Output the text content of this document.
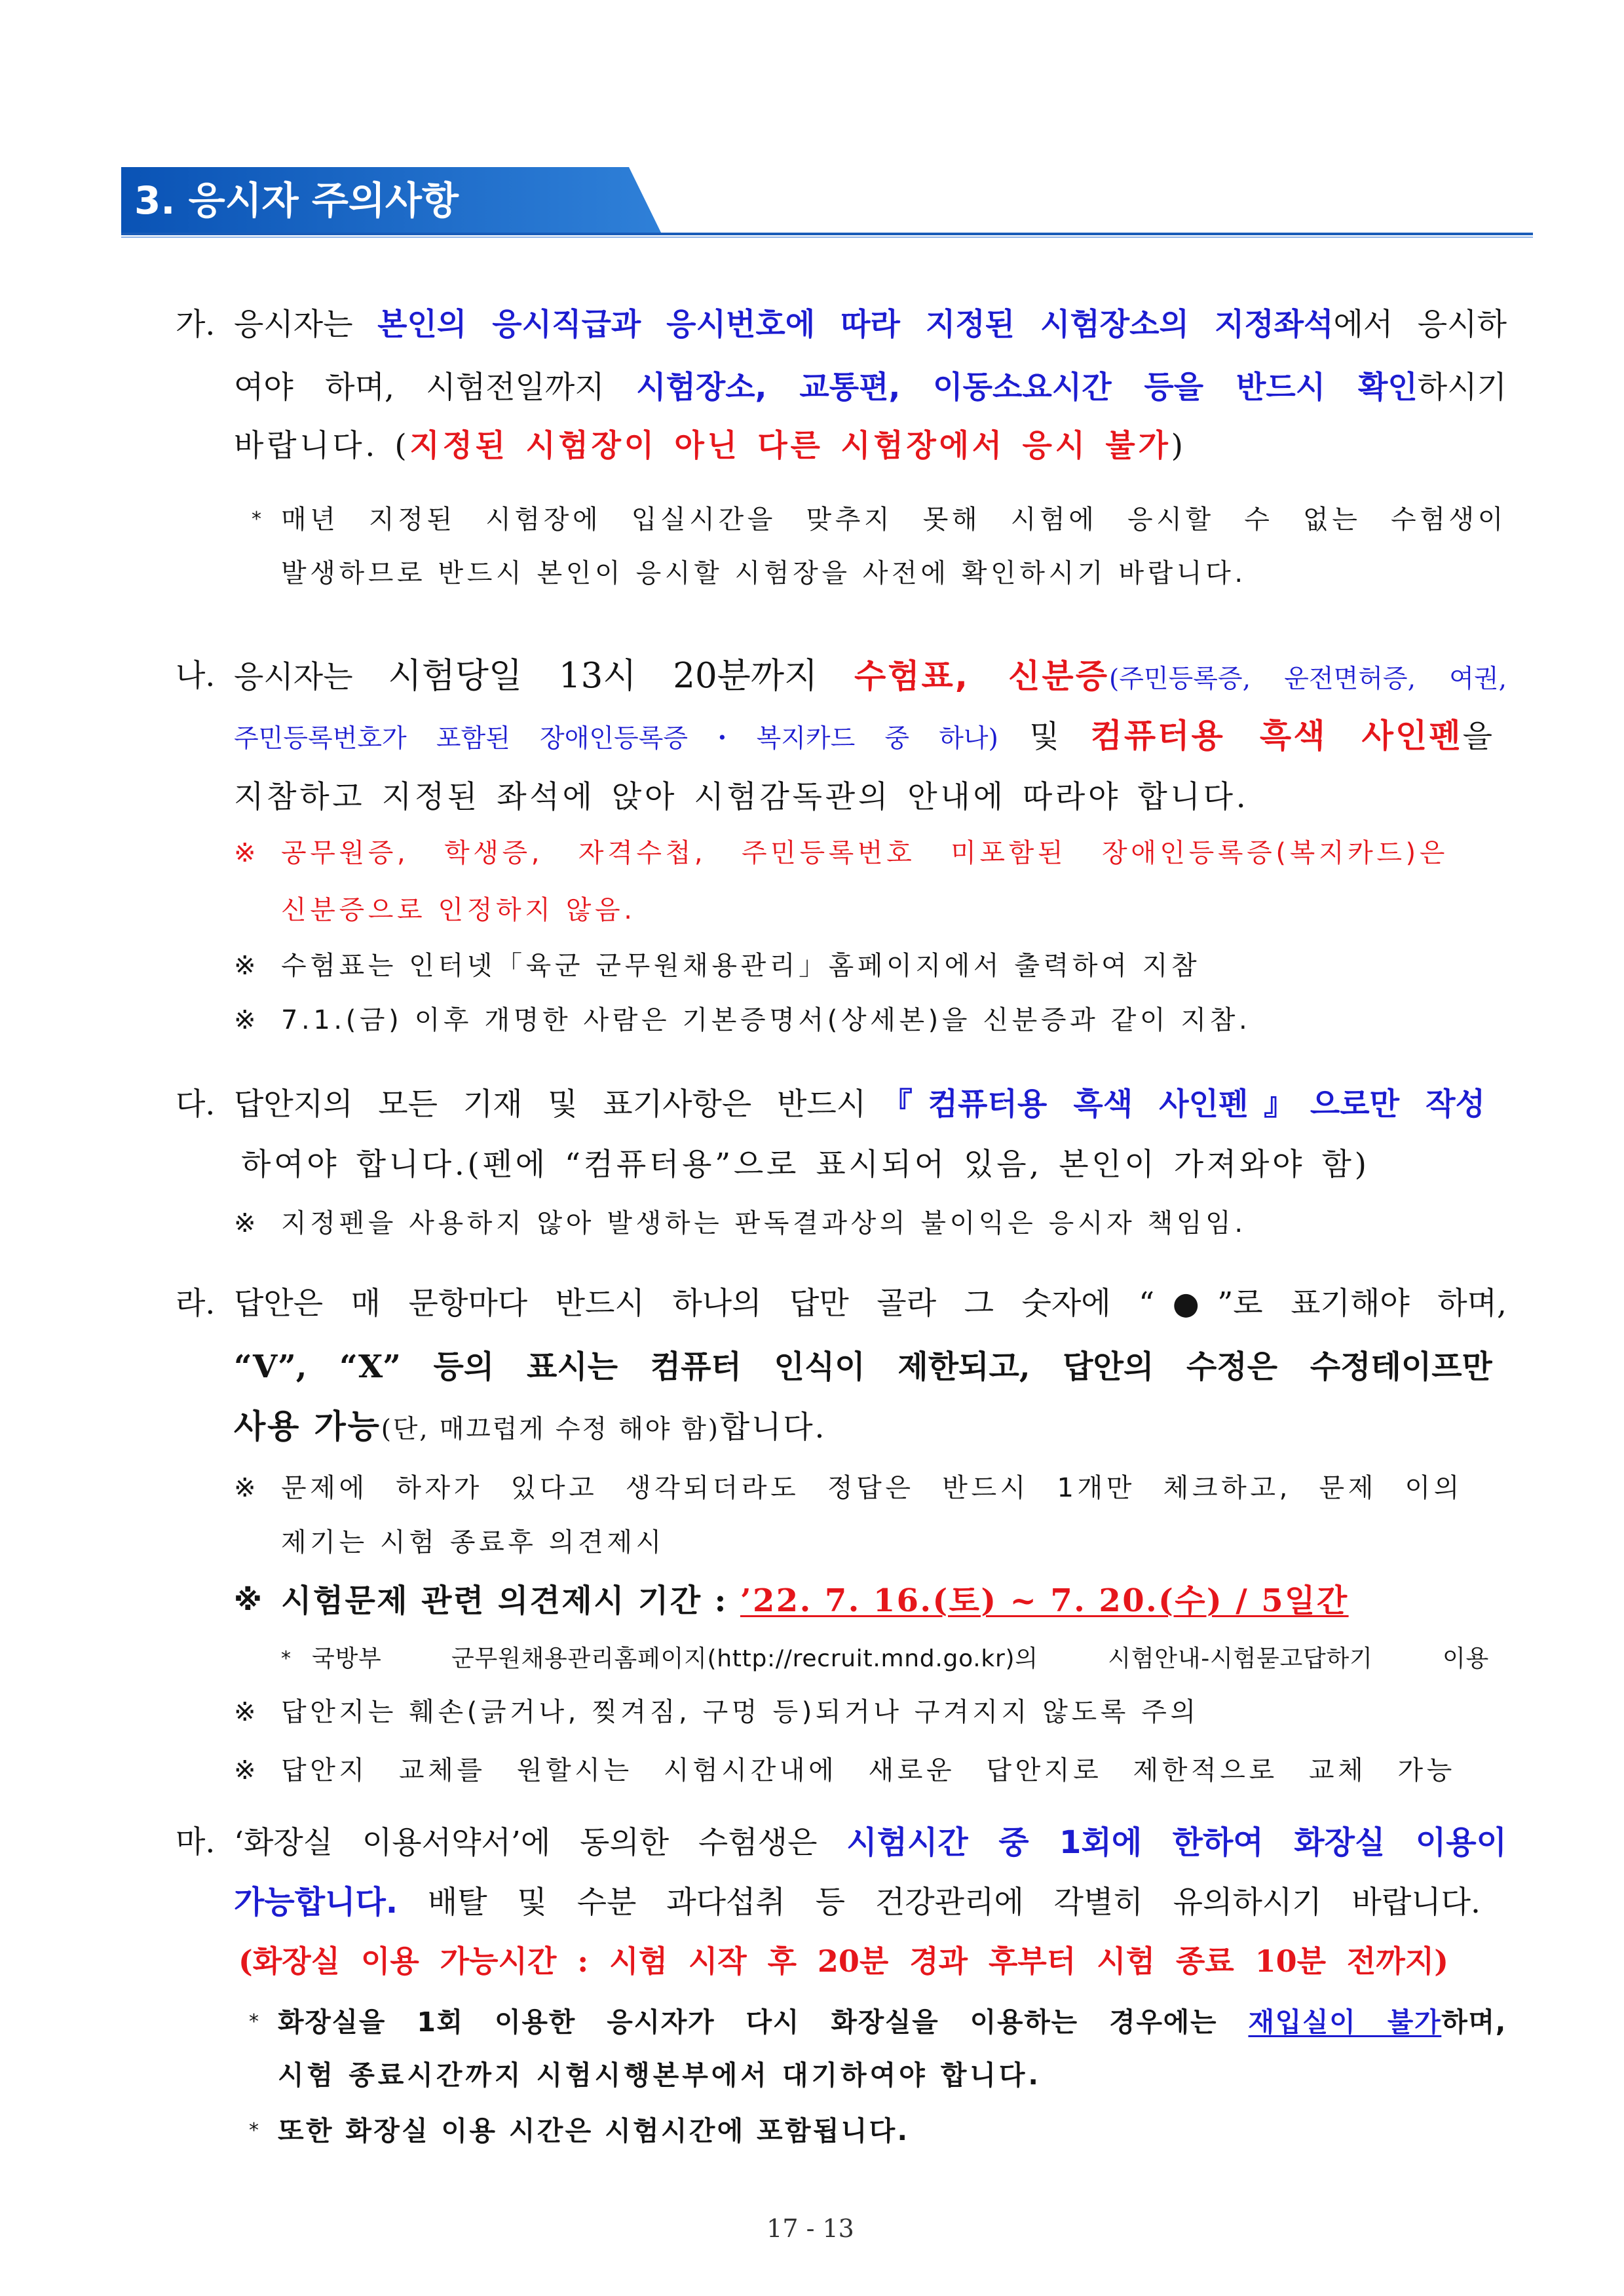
3. 응시자 주의사항
가. 응시자는 본인의 응시직급과 응시번호에 따라 지정된 시험장소의 지정좌석에서 응시하
여야 하며, 시험전일까지 시험장소, 교통편, 이동소요시간 등을 반드시 확인하시기
바랍니다. (지정된 시험장이 아닌 다른 시험장에서 응시 불가)
* 매년 지정된 시험장에 입실시간을 맞추지 못해 시험에 응시할 수 없는 수험생이
발생하므로 반드시 본인이 응시할 시험장을 사전에 확인하시기 바랍니다.
나. 응시자는 시험당일 13시 20분까지 수험표, 신분증(주민등록증, 운전면허증, 여권,
주민등록번호가 포함된 장애인등록증・복지카드 중 하나) 및 컴퓨터용 흑색 사인펜을
지참하고 지정된 좌석에 앉아 시험감독관의 안내에 따라야 합니다.
※ 공무원증, 학생증, 자격수첩, 주민등록번호 미포함된 장애인등록증(복지카드)은
신분증으로 인정하지 않음.
※ 수험표는 인터넷「육군 군무원채용관리」홈페이지에서 출력하여 지참
※ 7.1.(금) 이후 개명한 사람은 기본증명서(상세본)을 신분증과 같이 지참.
다. 답안지의 모든 기재 및 표기사항은 반드시『컴퓨터용 흑색 사인펜』으로만 작성
하여야 합니다.(펜에 “컴퓨터용”으로 표시되어 있음, 본인이 가져와야 함)
※ 지정펜을 사용하지 않아 발생하는 판독결과상의 불이익은 응시자 책임임.
라. 답안은 매 문항마다 반드시 하나의 답만 골라 그 숫자에 “●”로 표기해야 하며,
“V”, “X” 등의 표시는 컴퓨터 인식이 제한되고, 답안의 수정은 수정테이프만
사용 가능(단, 매끄럽게 수정 해야 함)합니다.
※ 문제에 하자가 있다고 생각되더라도 정답은 반드시 1개만 체크하고, 문제 이의
제기는 시험 종료후 의견제시
※ 시험문제 관련 의견제시 기간 : ’22. 7. 16.(토) ~ 7. 20.(수) / 5일간
* 국방부 군무원채용관리홈페이지(http://recruit.mnd.go.kr)의 시험안내-시험묻고답하기 이용
※ 답안지는 훼손(긁거나, 찢겨짐, 구멍 등)되거나 구겨지지 않도록 주의
※ 답안지 교체를 원할시는 시험시간내에 새로운 답안지로 제한적으로 교체 가능
마. ‘화장실 이용서약서’에 동의한 수험생은 시험시간 중 1회에 한하여 화장실 이용이
가능합니다. 배탈 및 수분 과다섭취 등 건강관리에 각별히 유의하시기 바랍니다.
(화장실 이용 가능시간 : 시험 시작 후 20분 경과 후부터 시험 종료 10분 전까지)
* 화장실을 1회 이용한 응시자가 다시 화장실을 이용하는 경우에는 재입실이 불가하며,
시험 종료시간까지 시험시행본부에서 대기하여야 합니다.
* 또한 화장실 이용 시간은 시험시간에 포함됩니다.
17 - 13
